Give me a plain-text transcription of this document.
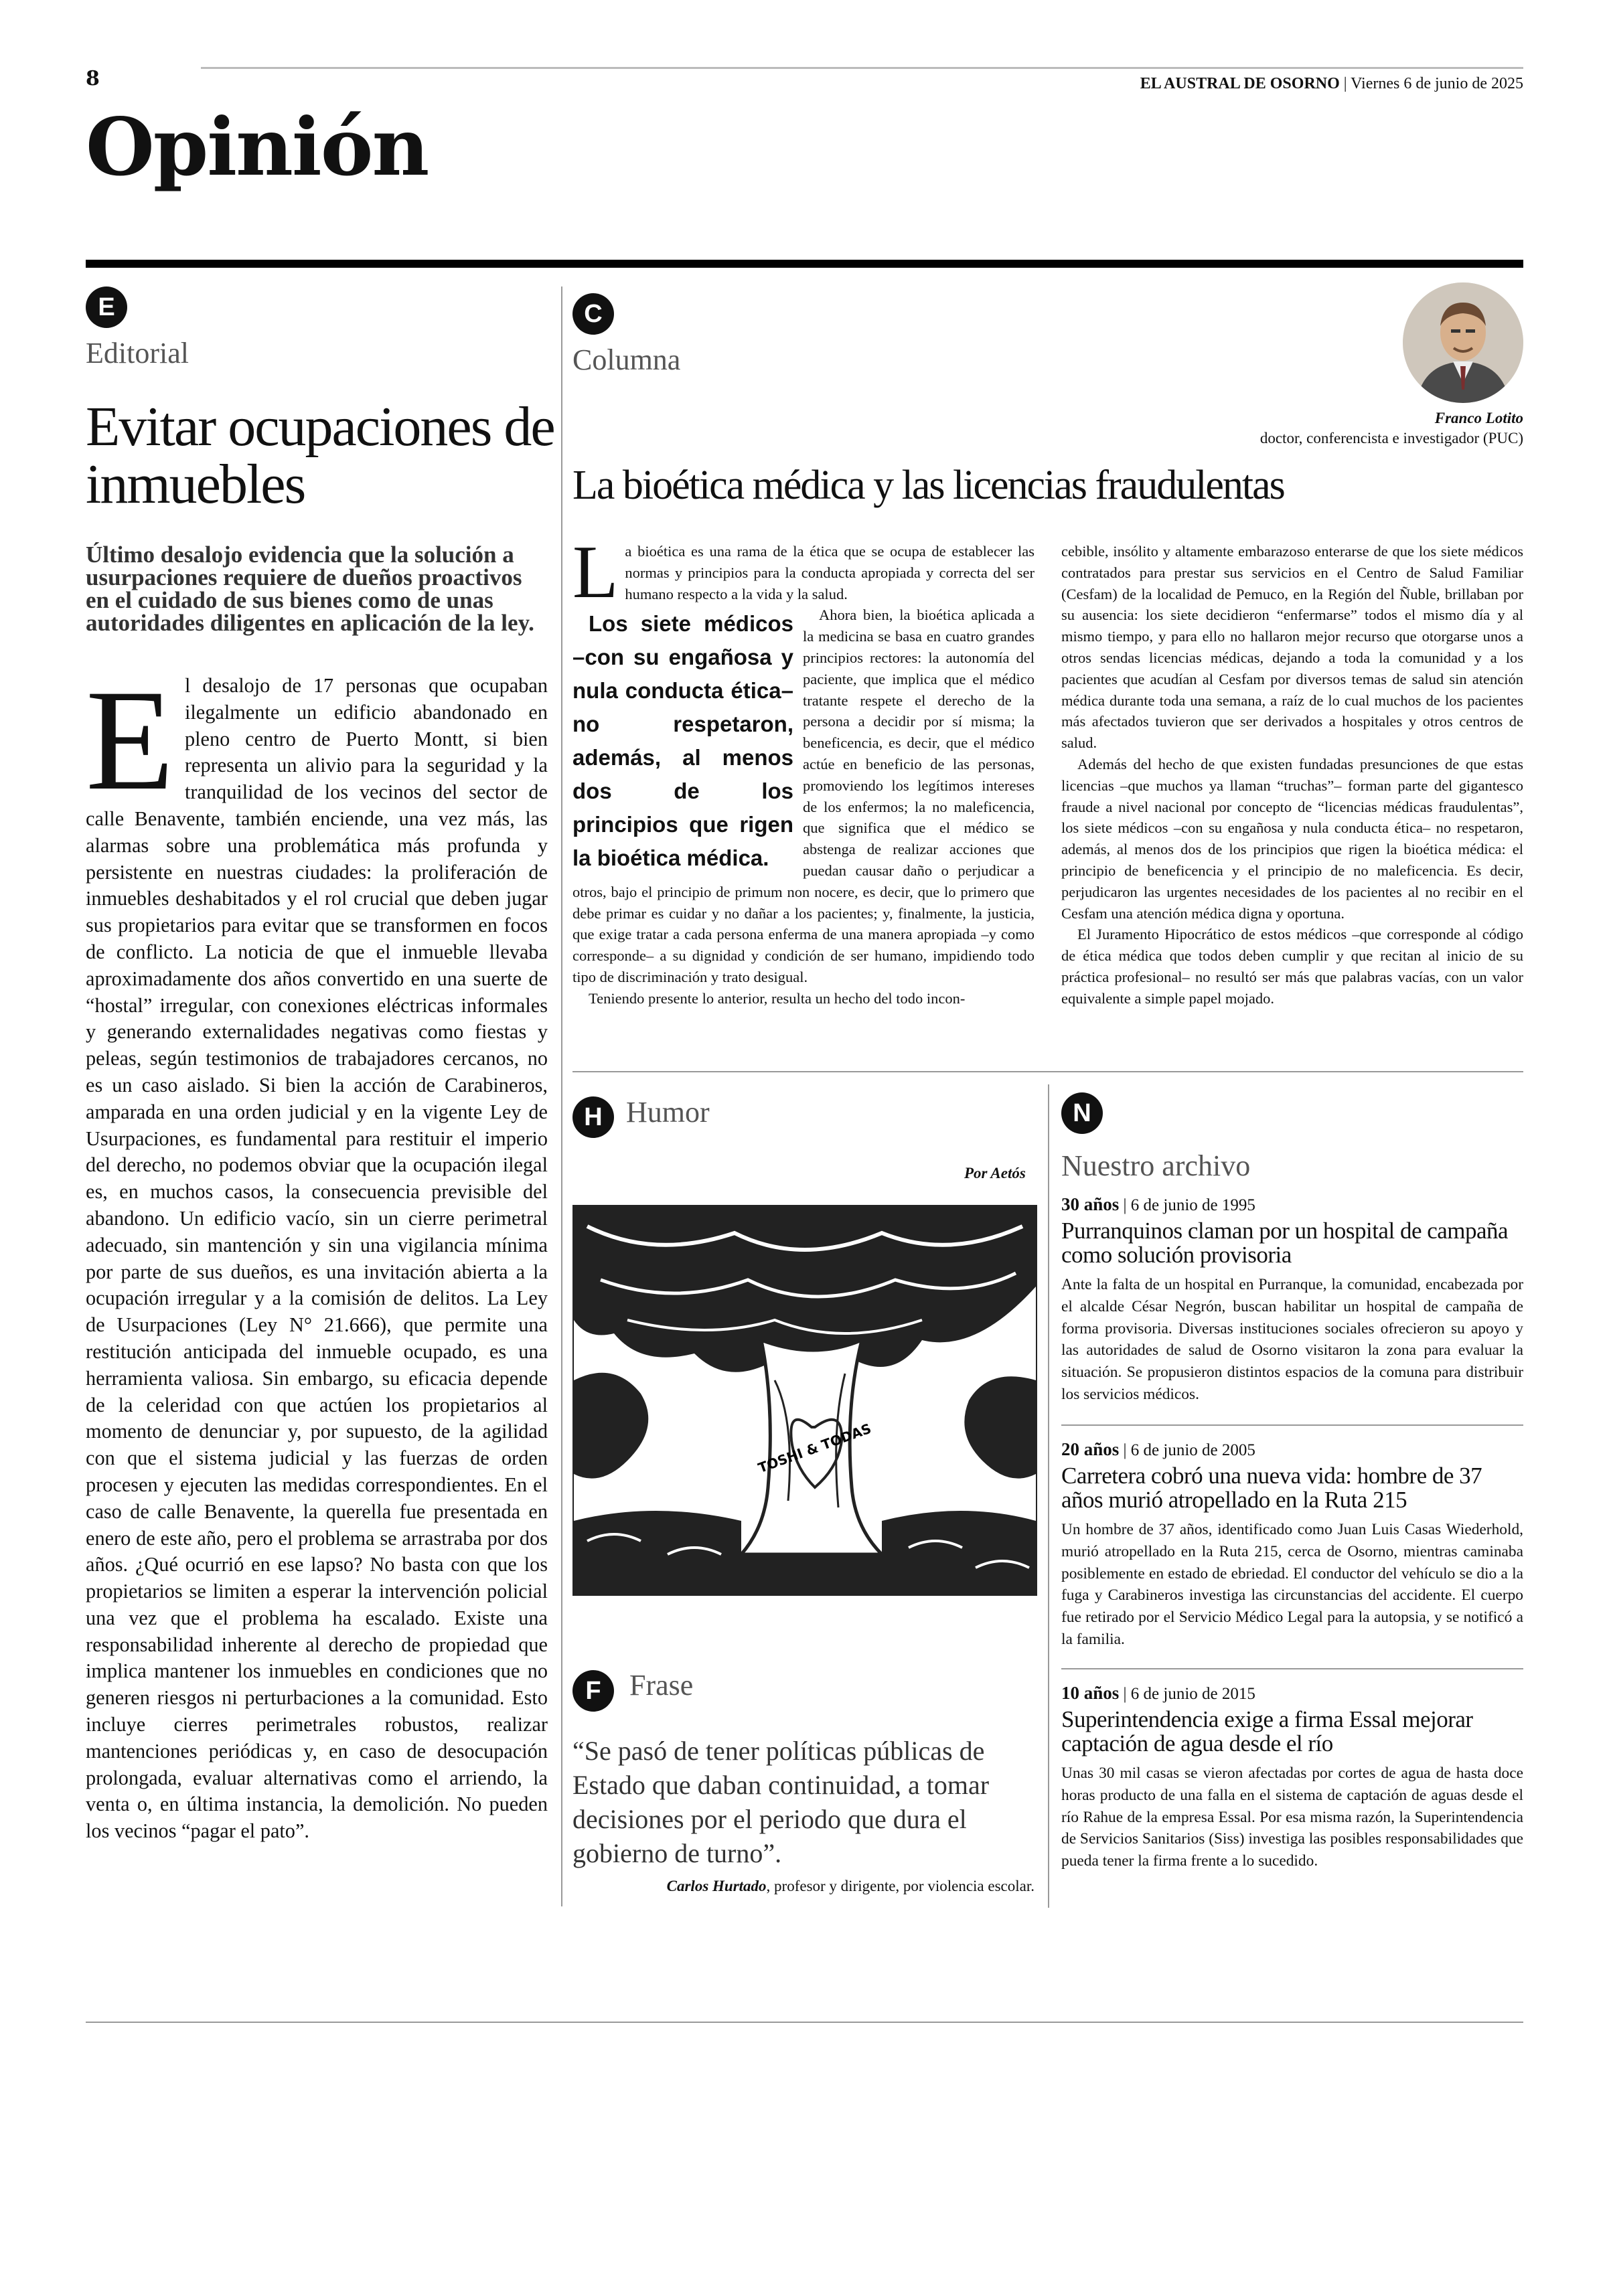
8	EL AUSTRAL DE OSORNO | Viernes 6 de junio de 2025
Opinión
E
Editorial
Evitar ocupaciones de inmuebles
Último desalojo evidencia que la solución a usurpaciones requiere de dueños proactivos en el cuidado de sus bienes como de unas autoridades diligentes en aplicación de la ley.
E l desalojo de 17 personas que ocupaban ilegalmente un edificio abandonado en pleno centro de Puerto Montt, si bien representa un alivio para la seguridad y la tranquilidad de los vecinos del sector de calle Benavente, también enciende, una vez más, las alarmas sobre una problemática más profunda y persistente en nuestras ciudades: la proliferación de inmuebles deshabitados y el rol crucial que deben jugar sus propietarios para evitar que se transformen en focos de conflicto. La noticia de que el inmueble llevaba aproximadamente dos años convertido en una suerte de “hostal” irregular, con conexiones eléctricas informales y generando externalidades negativas como fiestas y peleas, según testimonios de trabajadores cercanos, no es un caso aislado. Si bien la acción de Carabineros, amparada en una orden judicial y en la vigente Ley de Usurpaciones, es fundamental para restituir el imperio del derecho, no podemos obviar que la ocupación ilegal es, en muchos casos, la consecuencia previsible del abandono. Un edificio vacío, sin un cierre perimetral adecuado, sin mantención y sin una vigilancia mínima por parte de sus dueños, es una invitación abierta a la ocupación irregular y a la comisión de delitos. La Ley de Usurpaciones (Ley N° 21.666), que permite una restitución anticipada del inmueble ocupado, es una herramienta valiosa. Sin embargo, su eficacia depende de la celeridad con que actúen los propietarios al momento de denunciar y, por supuesto, de la agilidad con que el sistema judicial y las fuerzas de orden procesen y ejecuten las medidas correspondientes. En el caso de calle Benavente, la querella fue presentada en enero de este año, pero el problema se arrastraba por dos años. ¿Qué ocurrió en ese lapso? No basta con que los propietarios se limiten a esperar la intervención policial una vez que el problema ha escalado. Existe una responsabilidad inherente al derecho de propiedad que implica mantener los inmuebles en condiciones que no generen riesgos ni perturbaciones a la comunidad. Esto incluye cierres perimetrales robustos, realizar mantenciones periódicas y, en caso de desocupación prolongada, evaluar alternativas como el arriendo, la venta o, en última instancia, la demolición. No pueden los vecinos “pagar el pato”.
C
Columna
Franco Lotito
doctor, conferencista e investigador (PUC)
La bioética médica y las licencias fraudulentas

La bioética es una rama de la ética que se ocupa de establecer las normas y principios para la conducta apropiada y correcta del ser humano respecto a la vida y la salud.

Los siete médicos –con su engañosa y nula conducta ética– no respetaron, además, al menos dos de los principios que rigen la bioética médica.
Ahora bien, la bioética aplicada a la medicina se basa en cuatro grandes principios rectores: la autonomía del paciente, que implica que el médico tratante respete el derecho de la persona a decidir por sí misma; la beneficencia, es decir, que el médico actúe en beneficio de las personas, promoviendo los legítimos intereses de los enfermos; la no maleficencia, que significa que el médico se abstenga de realizar acciones que puedan causar daño o perjudicar a otros, bajo el principio de primum non nocere, es decir, que lo primero que debe primar es cuidar y no dañar a los pacientes; y, finalmente, la justicia, que exige tratar a cada persona enferma de una manera apropiada –y como corresponde– a su dignidad y condición de ser humano, impidiendo todo tipo de discriminación y trato desigual.

Teniendo presente lo anterior, resulta un hecho del todo incon-

cebible, insólito y altamente embarazoso enterarse de que los siete médicos contratados para prestar sus servicios en el Centro de Salud Familiar (Cesfam) de la localidad de Pemuco, en la Región del Ñuble, brillaban por su ausencia: los siete decidieron “enfermarse” todos el mismo día y al mismo tiempo, y para ello no hallaron mejor recurso que otorgarse unos a otros sendas licencias médicas, dejando a toda la comunidad y a los pacientes que acudían al Cesfam por diversos temas de salud sin atención médica durante toda una semana, a raíz de lo cual muchos de los pacientes más afectados tuvieron que ser derivados a hospitales y otros centros de salud.

Además del hecho de que existen fundadas presunciones de que estas licencias –que muchos ya llaman “truchas”– forman parte del gigantesco fraude a nivel nacional por concepto de “licencias médicas fraudulentas”, los siete médicos –con su engañosa y nula conducta ética– no respetaron, además, al menos dos de los principios que rigen la bioética médica: el principio de beneficencia y el principio de no maleficencia. Es decir, perjudicaron las urgentes necesidades de los pacientes al no recibir en el Cesfam una atención médica digna y oportuna.

El Juramento Hipocrático de estos médicos –que corresponde al código de ética médica que todos deben cumplir y que recitan al inicio de su práctica profesional– no resultó ser más que palabras vacías, con un valor equivalente a simple papel mojado.

H Humor
Por Aetós
TOSHI & TODAS
F Frase
“Se pasó de tener políticas públicas de Estado que daban continuidad, a tomar decisiones por el periodo que dura el gobierno de turno”.
Carlos Hurtado, profesor y dirigente, por violencia escolar.
N
Nuestro archivo
30 años | 6 de junio de 1995
Purranquinos claman por un hospital de campaña como solución provisoria
Ante la falta de un hospital en Purranque, la comunidad, encabezada por el alcalde César Negrón, buscan habilitar un hospital de campaña de forma provisoria. Diversas instituciones sociales ofrecieron su apoyo y las autoridades de salud de Osorno visitaron la zona para evaluar la situación. Se propusieron distintos espacios de la comuna para distribuir los servicios médicos.
20 años | 6 de junio de 2005
Carretera cobró una nueva vida: hombre de 37 años murió atropellado en la Ruta 215
Un hombre de 37 años, identificado como Juan Luis Casas Wiederhold, murió atropellado en la Ruta 215, cerca de Osorno, mientras caminaba posiblemente en estado de ebriedad. El conductor del vehículo se dio a la fuga y Carabineros investiga las circunstancias del accidente. El cuerpo fue retirado por el Servicio Médico Legal para la autopsia, y se notificó a la familia.
10 años | 6 de junio de 2015
Superintendencia exige a firma Essal mejorar captación de agua desde el río
Unas 30 mil casas se vieron afectadas por cortes de agua de hasta doce horas producto de una falla en el sistema de captación de aguas desde el río Rahue de la empresa Essal. Por esa misma razón, la Superintendencia de Servicios Sanitarios (Siss) investiga las posibles responsabilidades que pueda tener la firma frente a lo sucedido.
